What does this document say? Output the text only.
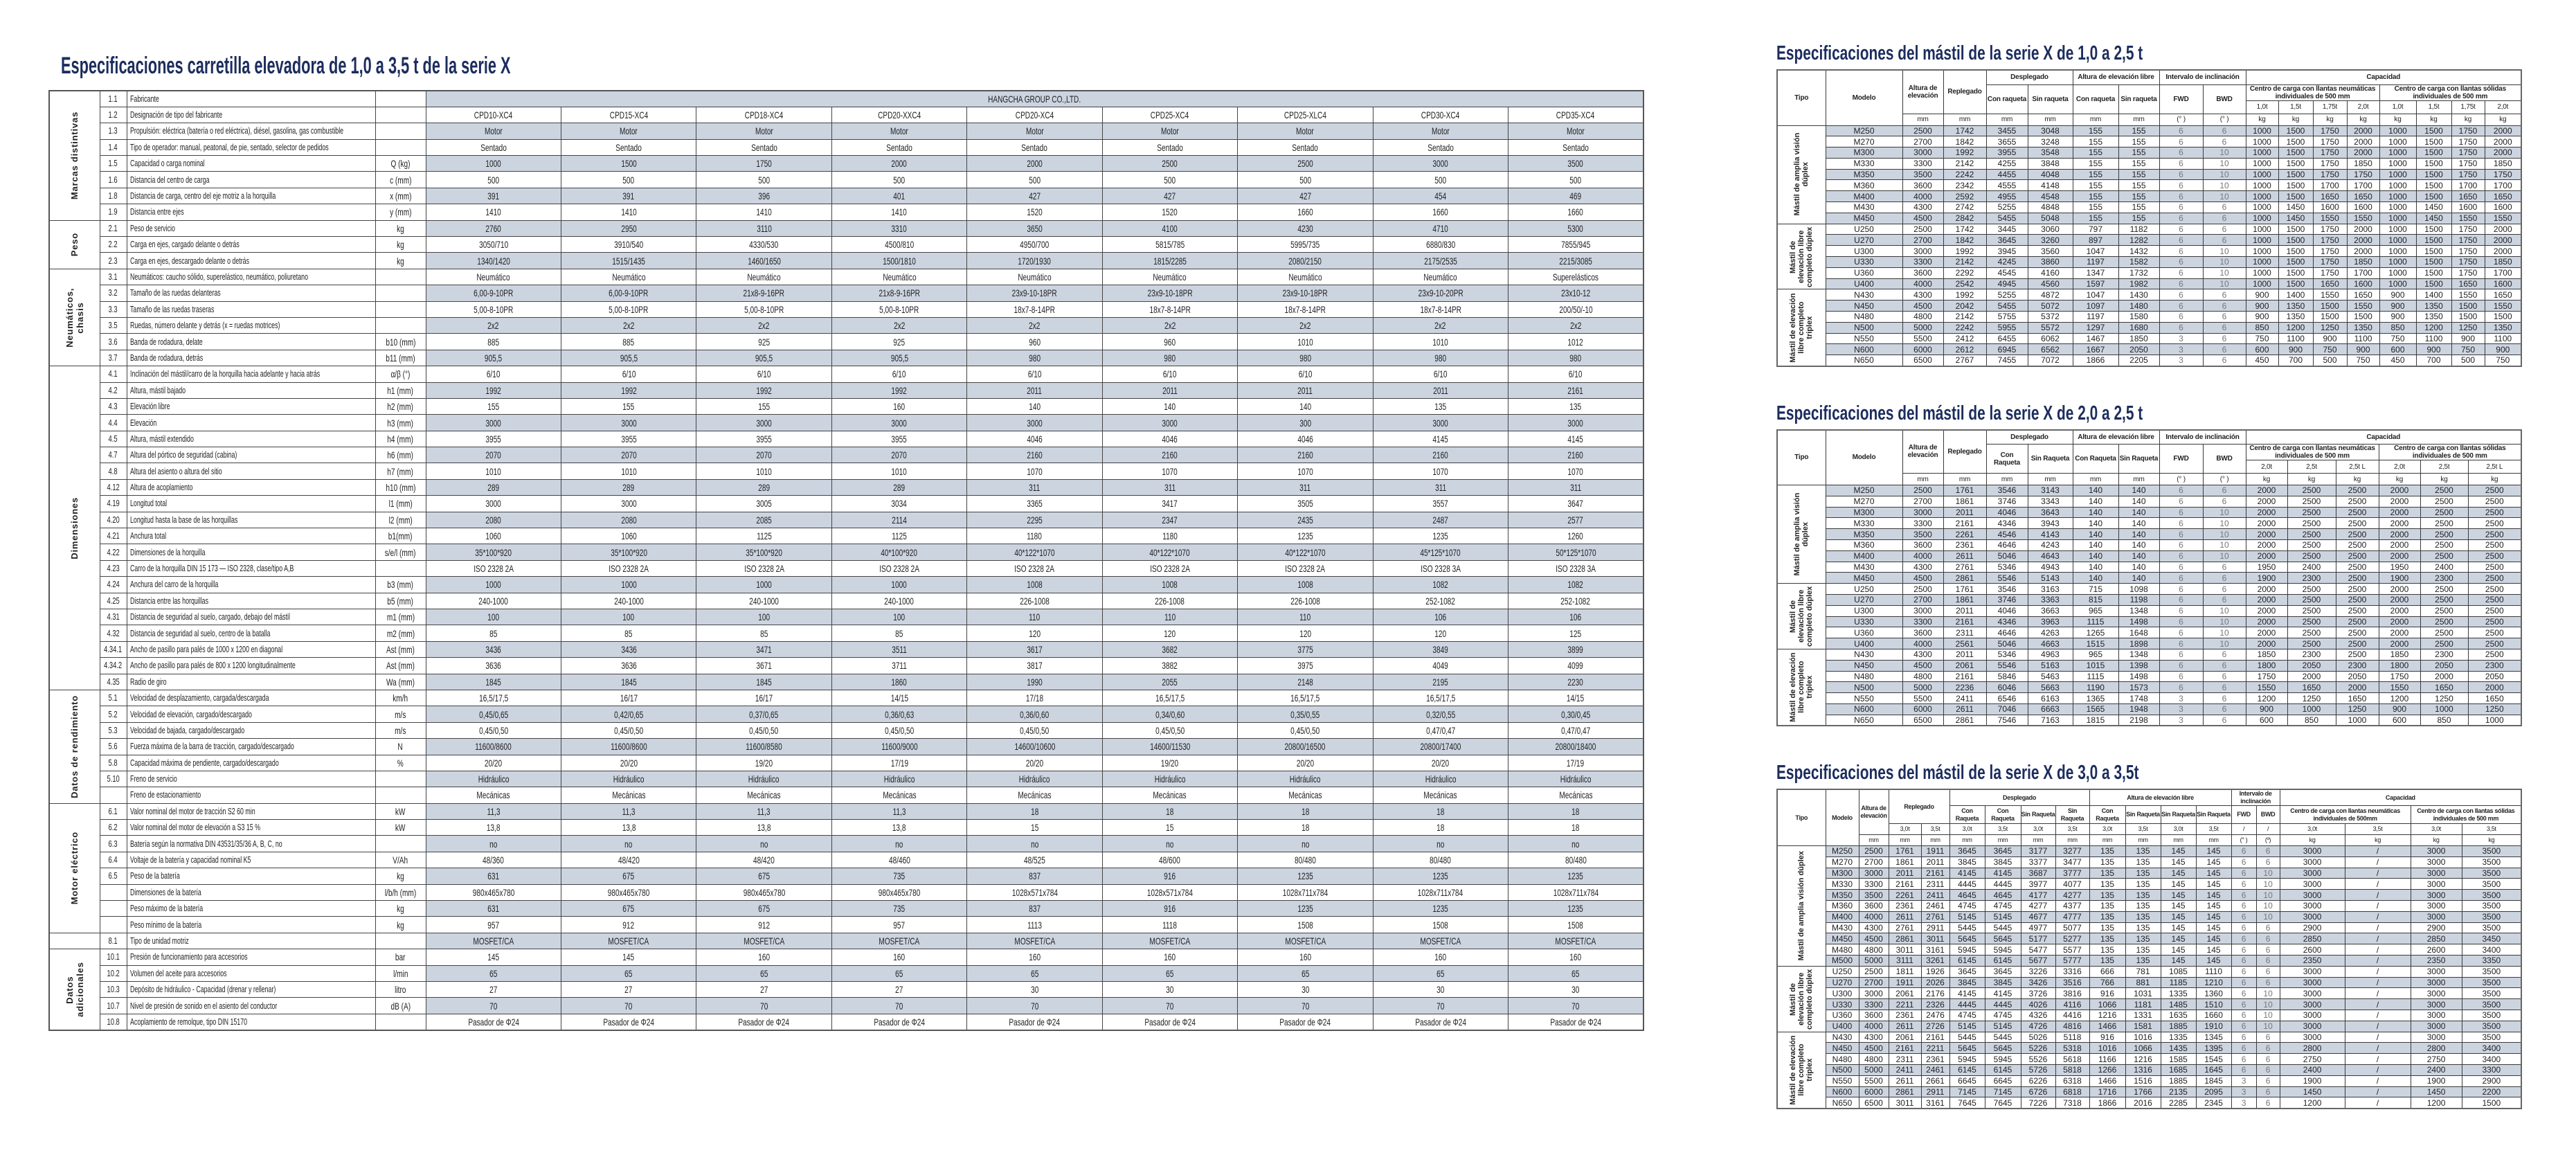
Especificaciones carretilla elevadora de 1,0 a 3,5 t de la serie X
Marcas distintivas	1.1	Fabricante		HANGCHA GROUP CO.,LTD.								
	1.2	Designación de tipo del fabricante		CPD10-XC4	CPD15-XC4	CPD18-XC4	CPD20-XXC4	CPD20-XC4	CPD25-XC4	CPD25-XLC4	CPD30-XC4	CPD35-XC4
	1.3	Propulsión: eléctrica (batería o red eléctrica), diésel, gasolina, gas combustible		Motor	Motor	Motor	Motor	Motor	Motor	Motor	Motor	Motor
	1.4	Tipo de operador: manual, peatonal, de pie, sentado, selector de pedidos		Sentado	Sentado	Sentado	Sentado	Sentado	Sentado	Sentado	Sentado	Sentado
	1.5	Capacidad o carga nominal	Q (kg)	1000	1500	1750	2000	2000	2500	2500	3000	3500
	1.6	Distancia del centro de carga	c (mm)	500	500	500	500	500	500	500	500	500
	1.8	Distancia de carga, centro del eje motriz a la horquilla	x (mm)	391	391	396	401	427	427	427	454	469
	1.9	Distancia entre ejes	y (mm)	1410	1410	1410	1410	1520	1520	1660	1660	1660

Peso	2.1	Peso de servicio	kg	2760	2950	3110	3310	3650	4100	4230	4710	5300
	2.2	Carga en ejes, cargado delante o detrás	kg	3050/710	3910/540	4330/530	4500/810	4950/700	5815/785	5995/735	6880/830	7855/945
	2.3	Carga en ejes, descargado delante o detrás	kg	1340/1420	1515/1435	1460/1650	1500/1810	1720/1930	1815/2285	2080/2150	2175/2535	2215/3085

Neumáticos, chasis	3.1	Neumáticos: caucho sólido, superelástico, neumático, poliuretano		Neumático	Neumático	Neumático	Neumático	Neumático	Neumático	Neumático	Neumático	Superelásticos
	3.2	Tamaño de las ruedas delanteras		6,00-9-10PR	6,00-9-10PR	21x8-9-16PR	21x8-9-16PR	23x9-10-18PR	23x9-10-18PR	23x9-10-18PR	23x9-10-20PR	23x10-12
	3.3	Tamaño de las ruedas traseras		5,00-8-10PR	5,00-8-10PR	5,00-8-10PR	5,00-8-10PR	18x7-8-14PR	18x7-8-14PR	18x7-8-14PR	18x7-8-14PR	200/50/-10
	3.5	Ruedas, número delante y detrás (x = ruedas motrices)		2x2	2x2	2x2	2x2	2x2	2x2	2x2	2x2	2x2
	3.6	Banda de rodadura, delate	b10 (mm)	885	885	925	925	960	960	1010	1010	1012
	3.7	Banda de rodadura, detrás	b11 (mm)	905,5	905,5	905,5	905,5	980	980	980	980	980

Dimensiones	4.1	Inclinación del mástil/carro de la horquilla hacia adelante y hacia atrás	α/β (°)	6/10	6/10	6/10	6/10	6/10	6/10	6/10	6/10	6/10
	4.2	Altura, mástil bajado	h1 (mm)	1992	1992	1992	1992	2011	2011	2011	2011	2161
	4.3	Elevación libre	h2 (mm)	155	155	155	160	140	140	140	135	135
	4.4	Elevación	h3 (mm)	3000	3000	3000	3000	3000	3000	300	3000	3000
	4.5	Altura, mástil extendido	h4 (mm)	3955	3955	3955	3955	4046	4046	4046	4145	4145
	4.7	Altura del pórtico de seguridad (cabina)	h6 (mm)	2070	2070	2070	2070	2160	2160	2160	2160	2160
	4.8	Altura del asiento o altura del sitio	h7 (mm)	1010	1010	1010	1010	1070	1070	1070	1070	1070
	4.12	Altura de acoplamiento	h10 (mm)	289	289	289	289	311	311	311	311	311
	4.19	Longitud total	l1 (mm)	3000	3000	3005	3034	3365	3417	3505	3557	3647
	4.20	Longitud hasta la base de las horquillas	l2 (mm)	2080	2080	2085	2114	2295	2347	2435	2487	2577
	4.21	Anchura total	b1(mm)	1060	1060	1125	1125	1180	1180	1235	1235	1260
	4.22	Dimensiones de la horquilla	s/e/l (mm)	35*100*920	35*100*920	35*100*920	40*100*920	40*122*1070	40*122*1070	40*122*1070	45*125*1070	50*125*1070
	4.23	Carro de la horquilla DIN 15 173 — ISO 2328, clase/tipo A,B		ISO 2328 2A	ISO 2328 2A	ISO 2328 2A	ISO 2328 2A	ISO 2328 2A	ISO 2328 2A	ISO 2328 2A	ISO 2328 3A	ISO 2328 3A
	4.24	Anchura del carro de la horquilla	b3 (mm)	1000	1000	1000	1000	1008	1008	1008	1082	1082
	4.25	Distancia entre las horquillas	b5 (mm)	240-1000	240-1000	240-1000	240-1000	226-1008	226-1008	226-1008	252-1082	252-1082
	4.31	Distancia de seguridad al suelo, cargado, debajo del mástil	m1 (mm)	100	100	100	100	110	110	110	106	106
	4.32	Distancia de seguridad al suelo, centro de la batalla	m2 (mm)	85	85	85	85	120	120	120	120	125
	4.34.1	Ancho de pasillo para palés de 1000 x 1200 en diagonal	Ast (mm)	3436	3436	3471	3511	3617	3682	3775	3849	3899
	4.34.2	Ancho de pasillo para palés de 800 x 1200 longitudinalmente	Ast (mm)	3636	3636	3671	3711	3817	3882	3975	4049	4099
	4.35	Radio de giro	Wa (mm)	1845	1845	1845	1860	1990	2055	2148	2195	2230

Datos de rendimiento	5.1	Velocidad de desplazamiento, cargada/descargada	km/h	16,5/17,5	16/17	16/17	14/15	17/18	16,5/17,5	16,5/17,5	16,5/17,5	14/15
	5.2	Velocidad de elevación, cargado/descargado	m/s	0,45/0,65	0,42/0,65	0,37/0,65	0,36/0,63	0,36/0,60	0,34/0,60	0,35/0,55	0,32/0,55	0,30/0,45
	5.3	Velocidad de bajada, cargado/descargado	m/s	0,45/0,50	0,45/0,50	0,45/0,50	0,45/0,50	0,45/0,50	0,45/0,50	0,45/0,50	0,47/0,47	0,47/0,47
	5.6	Fuerza máxima de la barra de tracción, cargado/descargado	N	11600/8600	11600/8600	11600/8580	11600/9000	14600/10600	14600/11530	20800/16500	20800/17400	20800/18400
	5.8	Capacidad máxima de pendiente, cargado/descargado	%	20/20	20/20	19/20	17/19	20/20	19/20	20/20	20/20	17/19
	5.10	Freno de servicio		Hidráulico	Hidráulico	Hidráulico	Hidráulico	Hidráulico	Hidráulico	Hidráulico	Hidráulico	Hidráulico
		Freno de estacionamiento		Mecánicas	Mecánicas	Mecánicas	Mecánicas	Mecánicas	Mecánicas	Mecánicas	Mecánicas	Mecánicas

Motor eléctrico	6.1	Valor nominal del motor de tracción S2 60 min	kW	11,3	11,3	11,3	11,3	18	18	18	18	18
	6.2	Valor nominal del motor de elevación a S3 15 %	kW	13,8	13,8	13,8	13,8	15	15	18	18	18
	6.3	Batería según la normativa DIN 43531/35/36 A, B, C, no		no	no	no	no	no	no	no	no	no
	6.4	Voltaje de la batería y capacidad nominal K5	V/Ah	48/360	48/420	48/420	48/460	48/525	48/600	80/480	80/480	80/480
	6.5	Peso de la batería	kg	631	675	675	735	837	916	1235	1235	1235
		Dimensiones de la batería	l/b/h (mm)	980x465x780	980x465x780	980x465x780	980x465x780	1028x571x784	1028x571x784	1028x711x784	1028x711x784	1028x711x784
		Peso máximo de la batería	kg	631	675	675	735	837	916	1235	1235	1235
		Peso mínimo de la batería	kg	957	912	912	957	1113	1118	1508	1508	1508

	8.1	Tipo de unidad motriz		MOSFET/CA	MOSFET/CA	MOSFET/CA	MOSFET/CA	MOSFET/CA	MOSFET/CA	MOSFET/CA	MOSFET/CA	MOSFET/CA

Datos adicionales	10.1	Presión de funcionamiento para accesorios	bar	145	145	160	160	160	160	160	160	160
	10.2	Volumen del aceite para accesorios	l/min	65	65	65	65	65	65	65	65	65
	10.3	Depósito de hidráulico - Capacidad (drenar y rellenar)	litro	27	27	27	27	30	30	30	30	30
	10.7	Nivel de presión de sonido en el asiento del conductor	dB (A)	70	70	70	70	70	70	70	70	70
	10.8	Acoplamiento de remolque, tipo DIN 15170		Pasador de Φ24	Pasador de Φ24	Pasador de Φ24	Pasador de Φ24	Pasador de Φ24	Pasador de Φ24	Pasador de Φ24	Pasador de Φ24	Pasador de Φ24
Especificaciones del mástil de la serie X de 1,0 a 2,5 t
Tipo	Modelo	Altura de elevación	Replegado	Desplegado		Altura de elevación libre		Intervalo de inclinación		Capacidad							
				Con raqueta	Sin raqueta	Con raqueta	Sin raqueta	FWD	BWD	Centro de carga con llantas neumáticas individuales de 500 mm				Centro de carga con llantas sólidas individuales de 500 mm			
										1,0t	1,5t	1,75t	2,0t	1,0t	1,5t	1,75t	2,0t
		mm	mm	mm	mm	mm	mm	(° )	(° )	kg	kg	kg	kg	kg	kg	kg	kg

Mástil de amplia visión dúplex	M250	2500	1742	3455	3048	155	155	6	6	1000	1500	1750	2000	1000	1500	1750	2000
	M270	2700	1842	3655	3248	155	155	6	6	1000	1500	1750	2000	1000	1500	1750	2000
	M300	3000	1992	3955	3548	155	155	6	10	1000	1500	1750	2000	1000	1500	1750	2000
	M330	3300	2142	4255	3848	155	155	6	10	1000	1500	1750	1850	1000	1500	1750	1850
	M350	3500	2242	4455	4048	155	155	6	10	1000	1500	1750	1750	1000	1500	1750	1750
	M360	3600	2342	4555	4148	155	155	6	10	1000	1500	1700	1700	1000	1500	1700	1700
	M400	4000	2592	4955	4548	155	155	6	10	1000	1500	1650	1650	1000	1500	1650	1650
	M430	4300	2742	5255	4848	155	155	6	6	1000	1450	1600	1600	1000	1450	1600	1600
	M450	4500	2842	5455	5048	155	155	6	6	1000	1450	1550	1550	1000	1450	1550	1550

Mástil de elevación libre completo dúplex	U250	2500	1742	3445	3060	797	1182	6	6	1000	1500	1750	2000	1000	1500	1750	2000
	U270	2700	1842	3645	3260	897	1282	6	6	1000	1500	1750	2000	1000	1500	1750	2000
	U300	3000	1992	3945	3560	1047	1432	6	10	1000	1500	1750	2000	1000	1500	1750	2000
	U330	3300	2142	4245	3860	1197	1582	6	10	1000	1500	1750	1850	1000	1500	1750	1850
	U360	3600	2292	4545	4160	1347	1732	6	10	1000	1500	1750	1700	1000	1500	1750	1700
	U400	4000	2542	4945	4560	1597	1982	6	10	1000	1500	1650	1600	1000	1500	1650	1600

Mástil de elevación libre completo triplex	N430	4300	1992	5255	4872	1047	1430	6	6	900	1400	1550	1650	900	1400	1550	1650
	N450	4500	2042	5455	5072	1097	1480	6	6	900	1350	1500	1550	900	1350	1500	1550
	N480	4800	2142	5755	5372	1197	1580	6	6	900	1350	1500	1500	900	1350	1500	1500
	N500	5000	2242	5955	5572	1297	1680	6	6	850	1200	1250	1350	850	1200	1250	1350
	N550	5500	2412	6455	6062	1467	1850	3	6	750	1100	900	1100	750	1100	900	1100
	N600	6000	2612	6945	6562	1667	2050	3	6	600	900	750	900	600	900	750	900
	N650	6500	2767	7455	7072	1866	2205	3	6	450	700	500	750	450	700	500	750
Especificaciones del mástil de la serie X de 2,0 a 2,5 t
Tipo	Modelo	Altura de elevación	Replegado	Desplegado		Altura de elevación libre		Intervalo de inclinación		Capacidad					
				Con Raqueta	Sin Raqueta	Con Raqueta	Sin Raqueta	FWD	BWD	Centro de carga con llantas neumáticas individuales de 500 mm			Centro de carga con llantas sólidas individuales de 500 mm		
										2,0t	2,5t	2,5t L	2,0t	2,5t	2,5t L
		mm	mm	mm	mm	mm	mm	(° )	(° )	kg	kg	kg	kg	kg	kg

Mástil de amplia visión dúplex	M250	2500	1761	3546	3143	140	140	6	6	2000	2500	2500	2000	2500	2500
	M270	2700	1861	3746	3343	140	140	6	6	2000	2500	2500	2000	2500	2500
	M300	3000	2011	4046	3643	140	140	6	10	2000	2500	2500	2000	2500	2500
	M330	3300	2161	4346	3943	140	140	6	10	2000	2500	2500	2000	2500	2500
	M350	3500	2261	4546	4143	140	140	6	10	2000	2500	2500	2000	2500	2500
	M360	3600	2361	4646	4243	140	140	6	10	2000	2500	2500	2000	2500	2500
	M400	4000	2611	5046	4643	140	140	6	10	2000	2500	2500	2000	2500	2500
	M430	4300	2761	5346	4943	140	140	6	6	1950	2400	2500	1950	2400	2500
	M450	4500	2861	5546	5143	140	140	6	6	1900	2300	2500	1900	2300	2500

Mástil de elevación libre completo dúplex	U250	2500	1761	3546	3163	715	1098	6	6	2000	2500	2500	2000	2500	2500
	U270	2700	1861	3746	3363	815	1198	6	6	2000	2500	2500	2000	2500	2500
	U300	3000	2011	4046	3663	965	1348	6	10	2000	2500	2500	2000	2500	2500
	U330	3300	2161	4346	3963	1115	1498	6	10	2000	2500	2500	2000	2500	2500
	U360	3600	2311	4646	4263	1265	1648	6	10	2000	2500	2500	2000	2500	2500
	U400	4000	2561	5046	4663	1515	1898	6	10	2000	2500	2500	2000	2500	2500

Mástil de elevación libre completo triplex	N430	4300	2011	5346	4963	965	1348	6	6	1850	2300	2500	1850	2300	2500
	N450	4500	2061	5546	5163	1015	1398	6	6	1800	2050	2300	1800	2050	2300
	N480	4800	2161	5846	5463	1115	1498	6	6	1750	2000	2050	1750	2000	2050
	N500	5000	2236	6046	5663	1190	1573	6	6	1550	1650	2000	1550	1650	2000
	N550	5500	2411	6546	6163	1365	1748	3	6	1200	1250	1650	1200	1250	1650
	N600	6000	2611	7046	6663	1565	1948	3	6	900	1000	1250	900	1000	1250
	N650	6500	2861	7546	7163	1815	2198	3	6	600	850	1000	600	850	1000
Especificaciones del mástil de la serie X de 3,0 a 3,5t
Tipo	Modelo	Altura de elevación	Replegado		Desplegado				Altura de elevación libre				Intervalo de inclinación		Capacidad			
					Con Raqueta	Con Raqueta	Sin Raqueta	Sin Raqueta	Con Raqueta	Sin Raqueta	Sin Raqueta	Sin Raqueta	FWD	BWD	Centro de carga con llantas neumáticas individuales de 500mm		Centro de carga con llantas sólidas individuales de 500 mm	
			3,0t	3,5t	3,0t	3,5t	3,0t	3,5t	3,0t	3,5t	3,0t	3,5t	/	/	3,0t	3,5t	3,0t	3,5t
		mm	mm	mm	mm	mm	mm	mm	mm	mm	mm	mm	(° )	(º)	kg	kg	kg	kg

Mástil de amplia visión dúplex	M250	2500	1761	1911	3645	3645	3177	3277	135	135	145	145	6	6	3000	/	3000	3500
	M270	2700	1861	2011	3845	3845	3377	3477	135	135	145	145	6	6	3000	/	3000	3500
	M300	3000	2011	2161	4145	4145	3687	3777	135	135	145	145	6	10	3000	/	3000	3500
	M330	3300	2161	2311	4445	4445	3977	4077	135	135	145	145	6	10	3000	/	3000	3500
	M350	3500	2261	2411	4645	4645	4177	4277	135	135	145	145	6	10	3000	/	3000	3500
	M360	3600	2361	2461	4745	4745	4277	4377	135	135	145	145	6	10	3000	/	3000	3500
	M400	4000	2611	2761	5145	5145	4677	4777	135	135	145	145	6	10	3000	/	3000	3500
	M430	4300	2761	2911	5445	5445	4977	5077	135	135	145	145	6	6	2900	/	2900	3500
	M450	4500	2861	3011	5645	5645	5177	5277	135	135	145	145	6	6	2850	/	2850	3450
	M480	4800	3011	3161	5945	5945	5477	5577	135	135	145	145	6	6	2600	/	2600	3400
	M500	5000	3111	3261	6145	6145	5677	5777	135	135	145	145	6	6	2350	/	2350	3350

Mástil de elevación libre completo dúplex	U250	2500	1811	1926	3645	3645	3226	3316	666	781	1085	1110	6	6	3000	/	3000	3500
	U270	2700	1911	2026	3845	3845	3426	3516	766	881	1185	1210	6	6	3000	/	3000	3500
	U300	3000	2061	2176	4145	4145	3726	3816	916	1031	1335	1360	6	10	3000	/	3000	3500
	U330	3300	2211	2326	4445	4445	4026	4116	1066	1181	1485	1510	6	10	3000	/	3000	3500
	U360	3600	2361	2476	4745	4745	4326	4416	1216	1331	1635	1660	6	10	3000	/	3000	3500
	U400	4000	2611	2726	5145	5145	4726	4816	1466	1581	1885	1910	6	10	3000	/	3000	3500

Mástil de elevación libre completo triplex	N430	4300	2061	2161	5445	5445	5026	5118	916	1016	1335	1345	6	6	3000	/	3000	3500
	N450	4500	2161	2211	5645	5645	5226	5318	1016	1066	1435	1395	6	6	2800	/	2800	3400
	N480	4800	2311	2361	5945	5945	5526	5618	1166	1216	1585	1545	6	6	2750	/	2750	3400
	N500	5000	2411	2461	6145	6145	5726	5818	1266	1316	1685	1645	6	6	2400	/	2400	3300
	N550	5500	2611	2661	6645	6645	6226	6318	1466	1516	1885	1845	3	6	1900	/	1900	2900
	N600	6000	2861	2911	7145	7145	6726	6818	1716	1766	2135	2095	3	6	1450	/	1450	2200
	N650	6500	3011	3161	7645	7645	7226	7318	1866	2016	2285	2345	3	6	1200	/	1200	1500
